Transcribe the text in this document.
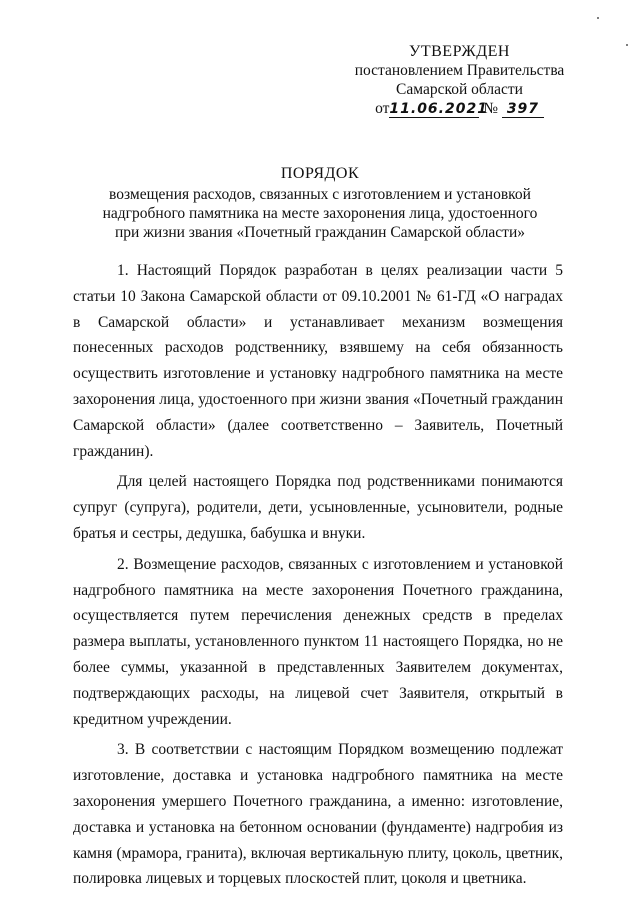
УТВЕРЖДЕН
постановлением Правительства
Самарской области
от11.06.2021 № 397
ПОРЯДОК
возмещения расходов, связанных с изготовлением и установкой
надгробного памятника на месте захоронения лица, удостоенного
при жизни звания «Почетный гражданин Самарской области»

1. Настоящий Порядок разработан в целях реализации части 5 статьи 10 Закона Самарской области от 09.10.2001 № 61-ГД «О наградах в Самарской области» и устанавливает механизм возмещения понесенных расходов родственнику, взявшему на себя обязанность осуществить изготовление и установку надгробного памятника на месте захоронения лица, удостоенного при жизни звания «Почетный гражданин Самарской области» (далее соответственно – Заявитель, Почетный гражданин).

Для целей настоящего Порядка под родственниками понимаются супруг (супруга), родители, дети, усыновленные, усыновители, родные братья и сестры, дедушка, бабушка и внуки.

2. Возмещение расходов, связанных с изготовлением и установкой надгробного памятника на месте захоронения Почетного гражданина, осуществляется путем перечисления денежных средств в пределах размера выплаты, установленного пунктом 11 настоящего Порядка, но не более суммы, указанной в представленных Заявителем документах, подтверждающих расходы, на лицевой счет Заявителя, открытый в кредитном учреждении.

3. В соответствии с настоящим Порядком возмещению подлежат изготовление, доставка и установка надгробного памятника на месте захоронения умершего Почетного гражданина, а именно: изготовление, доставка и установка на бетонном основании (фундаменте) надгробия из камня (мрамора, гранита), включая вертикальную плиту, цоколь, цветник, полировка лицевых и торцевых плоскостей плит, цоколя и цветника.
